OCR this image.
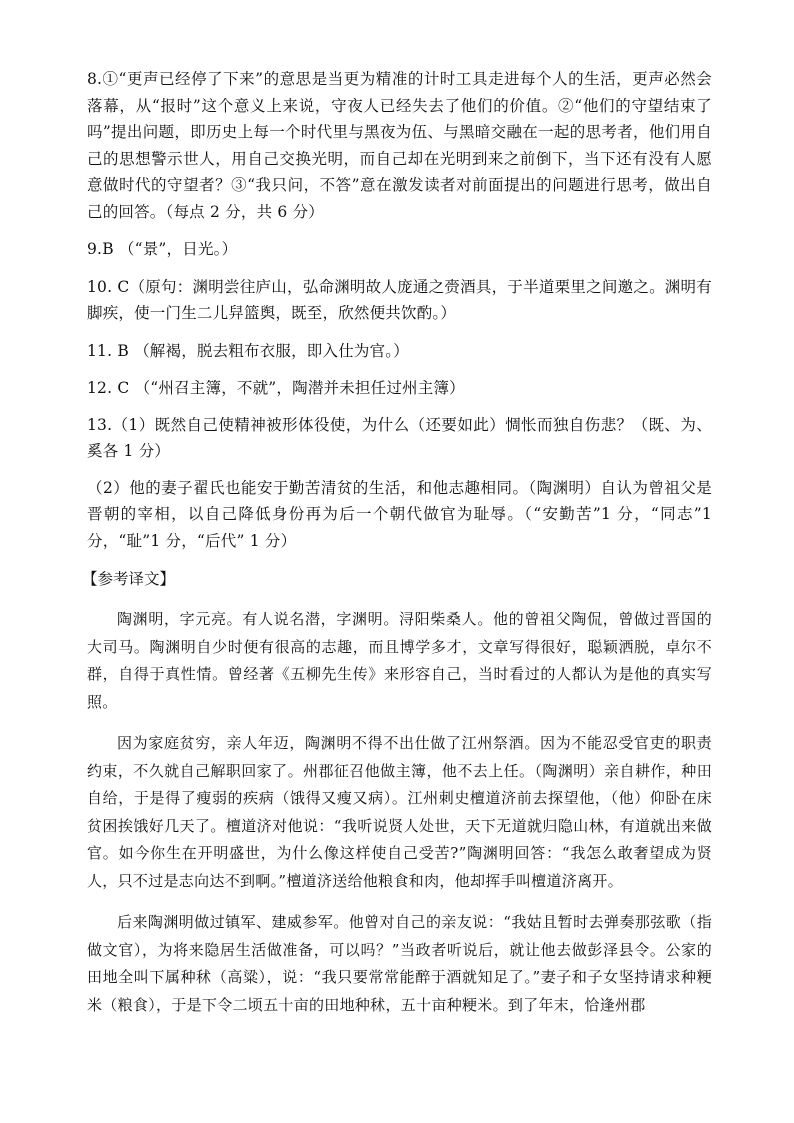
8.①“更声已经停了下来”的意思是当更为精准的计时工具走进每个人的生活，更声必然会落幕，从“报时”这个意义上来说，守夜人已经失去了他们的价值。②“他们的守望结束了吗”提出问题，即历史上每一个时代里与黑夜为伍、与黑暗交融在一起的思考者，他们用自己的思想警示世人，用自己交换光明，而自己却在光明到来之前倒下，当下还有没有人愿意做时代的守望者？③“我只问，不答”意在激发读者对前面提出的问题进行思考，做出自己的回答。（每点 2 分，共 6 分）

9.B （“景”，日光。）

10. C（原句：渊明尝往庐山，弘命渊明故人庞通之赍酒具，于半道栗里之间邀之。渊明有脚疾，使一门生二儿舁篮舆，既至，欣然便共饮酌。）

11. B （解褐，脱去粗布衣服，即入仕为官。）

12. C （“州召主簿，不就”，陶潜并未担任过州主簿）

13.（1）既然自己使精神被形体役使，为什么（还要如此）惆怅而独自伤悲？（既、为、奚各 1 分）

（2）他的妻子翟氏也能安于勤苦清贫的生活，和他志趣相同。（陶渊明）自认为曾祖父是晋朝的宰相，以自己降低身份再为后一个朝代做官为耻辱。（“安勤苦”1 分，“同志”1 分，“耻”1 分，“后代” 1 分）

【参考译文】

陶渊明，字元亮。有人说名潜，字渊明。浔阳柴桑人。他的曾祖父陶侃，曾做过晋国的大司马。陶渊明自少时便有很高的志趣，而且博学多才，文章写得很好，聪颖洒脱，卓尔不群，自得于真性情。曾经著《五柳先生传》来形容自己，当时看过的人都认为是他的真实写照。

因为家庭贫穷，亲人年迈，陶渊明不得不出仕做了江州祭酒。因为不能忍受官吏的职责约束，不久就自己解职回家了。州郡征召他做主簿，他不去上任。（陶渊明）亲自耕作，种田自给，于是得了瘦弱的疾病（饿得又瘦又病）。江州刺史檀道济前去探望他，（他）仰卧在床贫困挨饿好几天了。檀道济对他说：“我听说贤人处世，天下无道就归隐山林，有道就出来做官。如今你生在开明盛世，为什么像这样使自己受苦?”陶渊明回答：“我怎么敢奢望成为贤人，只不过是志向达不到啊。”檀道济送给他粮食和肉，他却挥手叫檀道济离开。

后来陶渊明做过镇军、建威参军。他曾对自己的亲友说：“我姑且暂时去弹奏那弦歌（指做文官），为将来隐居生活做准备，可以吗？”当政者听说后，就让他去做彭泽县令。公家的田地全叫下属种秫（高粱），说：“我只要常常能醉于酒就知足了。”妻子和子女坚持请求种粳米（粮食），于是下令二顷五十亩的田地种秫，五十亩种粳米。到了年末，恰逢州郡
